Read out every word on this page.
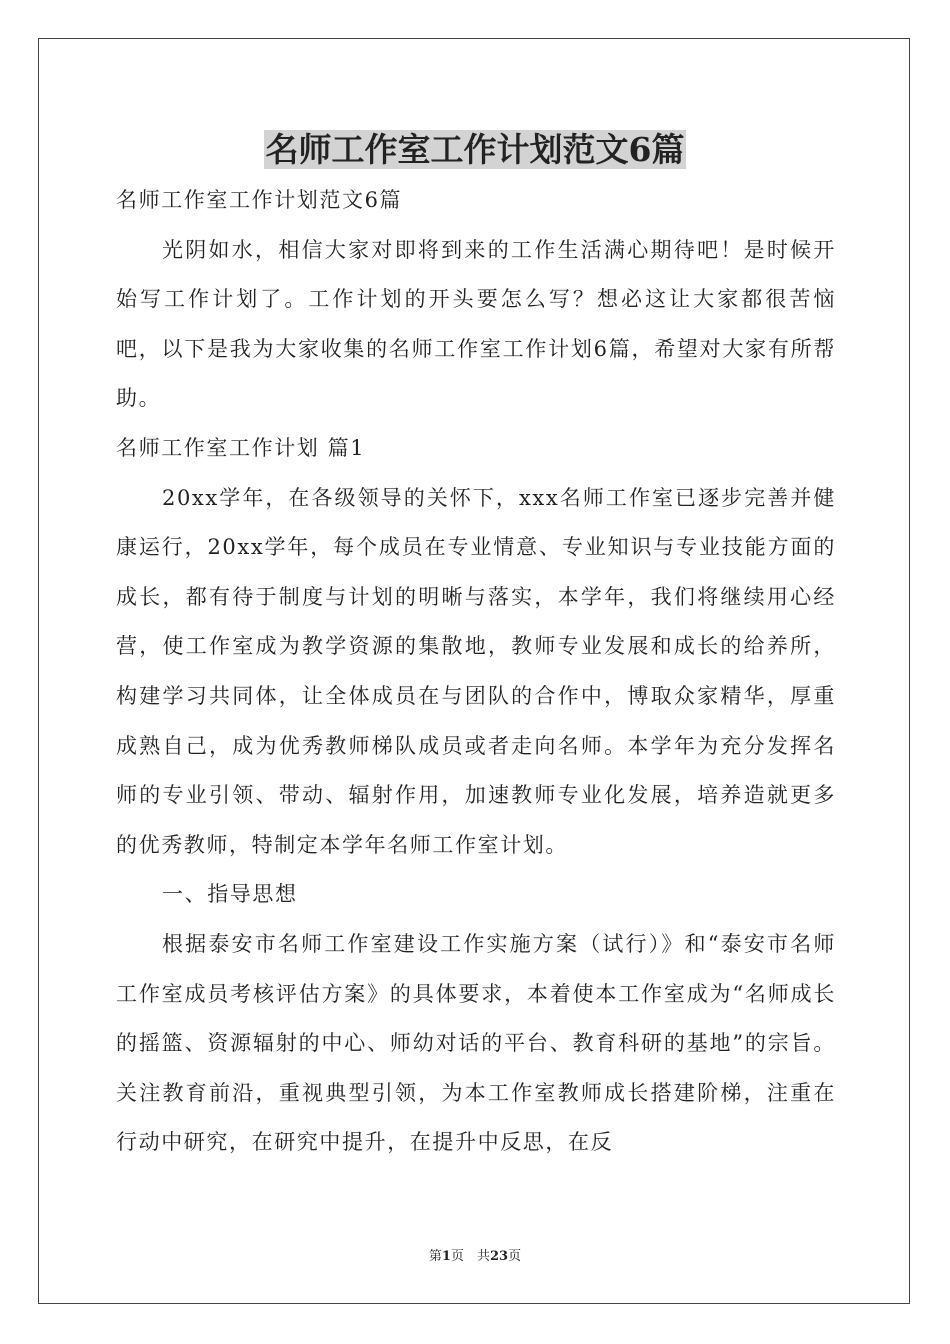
名师工作室工作计划范文6篇

名师工作室工作计划范文6篇

光阴如水，相信大家对即将到来的工作生活满心期待吧！是时候开始写工作计划了。工作计划的开头要怎么写？想必这让大家都很苦恼吧，以下是我为大家收集的名师工作室工作计划6篇，希望对大家有所帮助。

名师工作室工作计划 篇1

20xx学年，在各级领导的关怀下，xxx名师工作室已逐步完善并健康运行，20xx学年，每个成员在专业情意、专业知识与专业技能方面的成长，都有待于制度与计划的明晰与落实，本学年，我们将继续用心经营，使工作室成为教学资源的集散地，教师专业发展和成长的给养所，构建学习共同体，让全体成员在与团队的合作中，博取众家精华，厚重成熟自己，成为优秀教师梯队成员或者走向名师。本学年为充分发挥名师的专业引领、带动、辐射作用，加速教师专业化发展，培养造就更多的优秀教师，特制定本学年名师工作室计划。

一、指导思想

根据泰安市名师工作室建设工作实施方案（试行）》和“泰安市名师工作室成员考核评估方案》的具体要求，本着使本工作室成为“名师成长的摇篮、资源辐射的中心、师幼对话的平台、教育科研的基地”的宗旨。关注教育前沿，重视典型引领，为本工作室教师成长搭建阶梯，注重在行动中研究，在研究中提升，在提升中反思，在反

第1页　共23页
